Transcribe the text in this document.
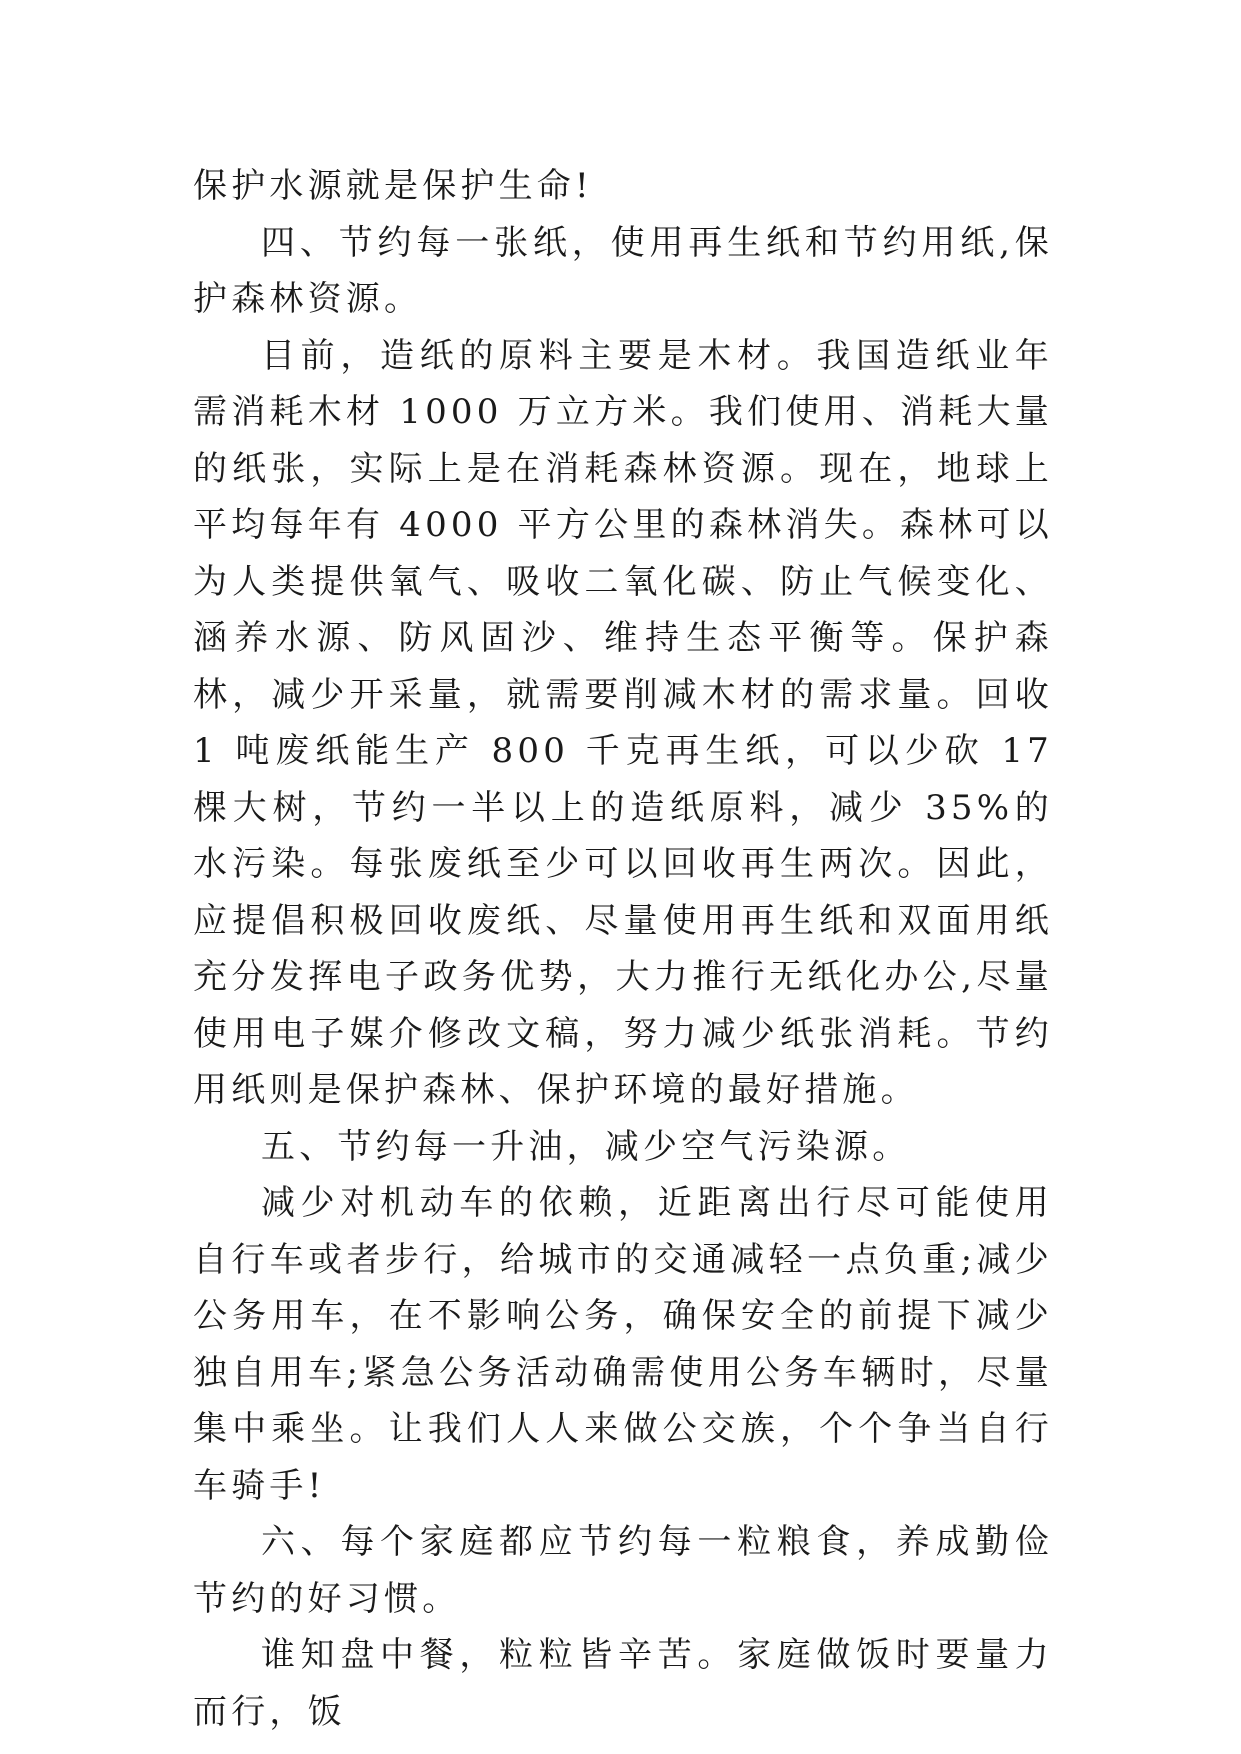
保护水源就是保护生命!

四、节约每一张纸，使用再生纸和节约用纸,保护森林资源。

目前，造纸的原料主要是木材。我国造纸业年需消耗木材 1000 万立方米。我们使用、消耗大量的纸张，实际上是在消耗森林资源。现在，地球上平均每年有 4000 平方公里的森林消失。森林可以为人类提供氧气、吸收二氧化碳、防止气候变化、涵养水源、防风固沙、维持生态平衡等。保护森林，减少开采量，就需要削减木材的需求量。回收 1 吨废纸能生产 800 千克再生纸，可以少砍 17 棵大树，节约一半以上的造纸原料，减少 35%的水污染。每张废纸至少可以回收再生两次。因此，应提倡积极回收废纸、尽量使用再生纸和双面用纸充分发挥电子政务优势，大力推行无纸化办公,尽量使用电子媒介修改文稿，努力减少纸张消耗。节约用纸则是保护森林、保护环境的最好措施。

五、节约每一升油，减少空气污染源。

减少对机动车的依赖，近距离出行尽可能使用自行车或者步行，给城市的交通减轻一点负重;减少公务用车，在不影响公务，确保安全的前提下减少独自用车;紧急公务活动确需使用公务车辆时，尽量集中乘坐。让我们人人来做公交族，个个争当自行车骑手!

六、每个家庭都应节约每一粒粮食，养成勤俭节约的好习惯。

谁知盘中餐，粒粒皆辛苦。家庭做饭时要量力而行，饭
